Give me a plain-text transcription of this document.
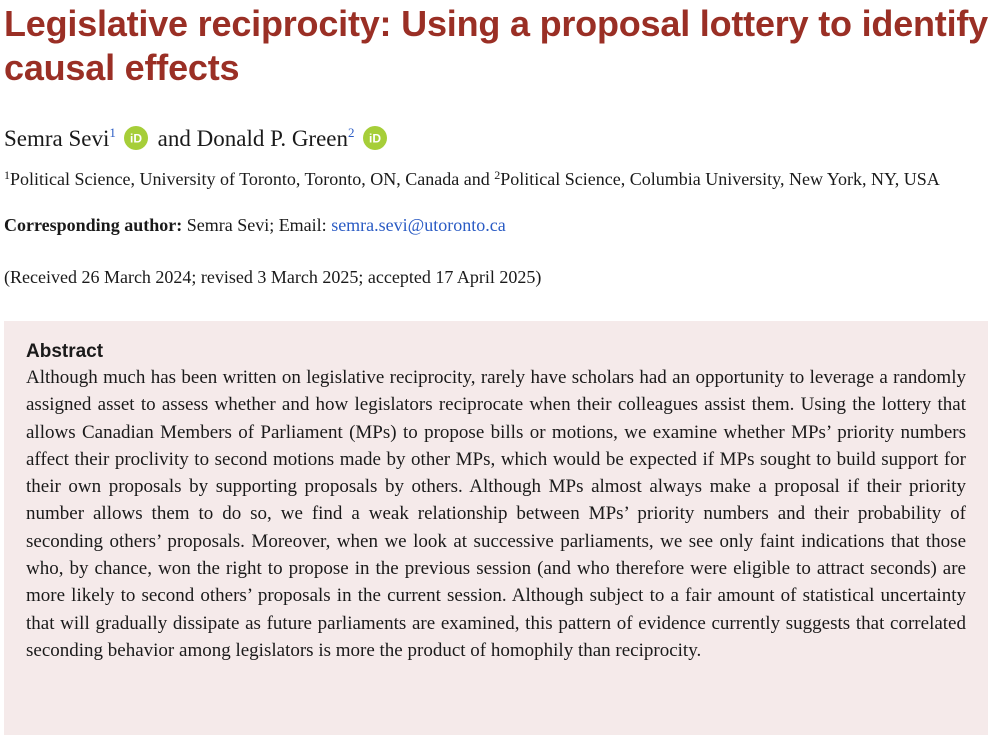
Legislative reciprocity: Using a proposal lottery to identify causal effects
Semra Sevi$^1$ iD and Donald P. Green$^2$ iD
$^1$Political Science, University of Toronto, Toronto, ON, Canada and $^2$Political Science, Columbia University, New York, NY, USA
Corresponding author: Semra Sevi; Email: semra.sevi@utoronto.ca
(Received 26 March 2024; revised 3 March 2025; accepted 17 April 2025)
Abstract

Although much has been written on legislative reciprocity, rarely have scholars had an opportunity to leverage a randomly assigned asset to assess whether and how legislators reciprocate when their colleagues assist them. Using the lottery that allows Canadian Members of Parliament (MPs) to propose bills or motions, we examine whether MPs’ priority numbers affect their proclivity to second motions made by other MPs, which would be expected if MPs sought to build support for their own proposals by supporting proposals by others. Although MPs almost always make a proposal if their priority number allows them to do so, we find a weak relationship between MPs’ priority numbers and their probability of seconding others’ proposals. Moreover, when we look at successive parliaments, we see only faint indications that those who, by chance, won the right to propose in the previous session (and who therefore were eligible to attract seconds) are more likely to second others’ proposals in the current session. Although subject to a fair amount of statistical uncertainty that will gradually dissipate as future parliaments are examined, this pattern of evidence currently suggests that correlated seconding behavior among legislators is more the product of homophily than reciprocity.
